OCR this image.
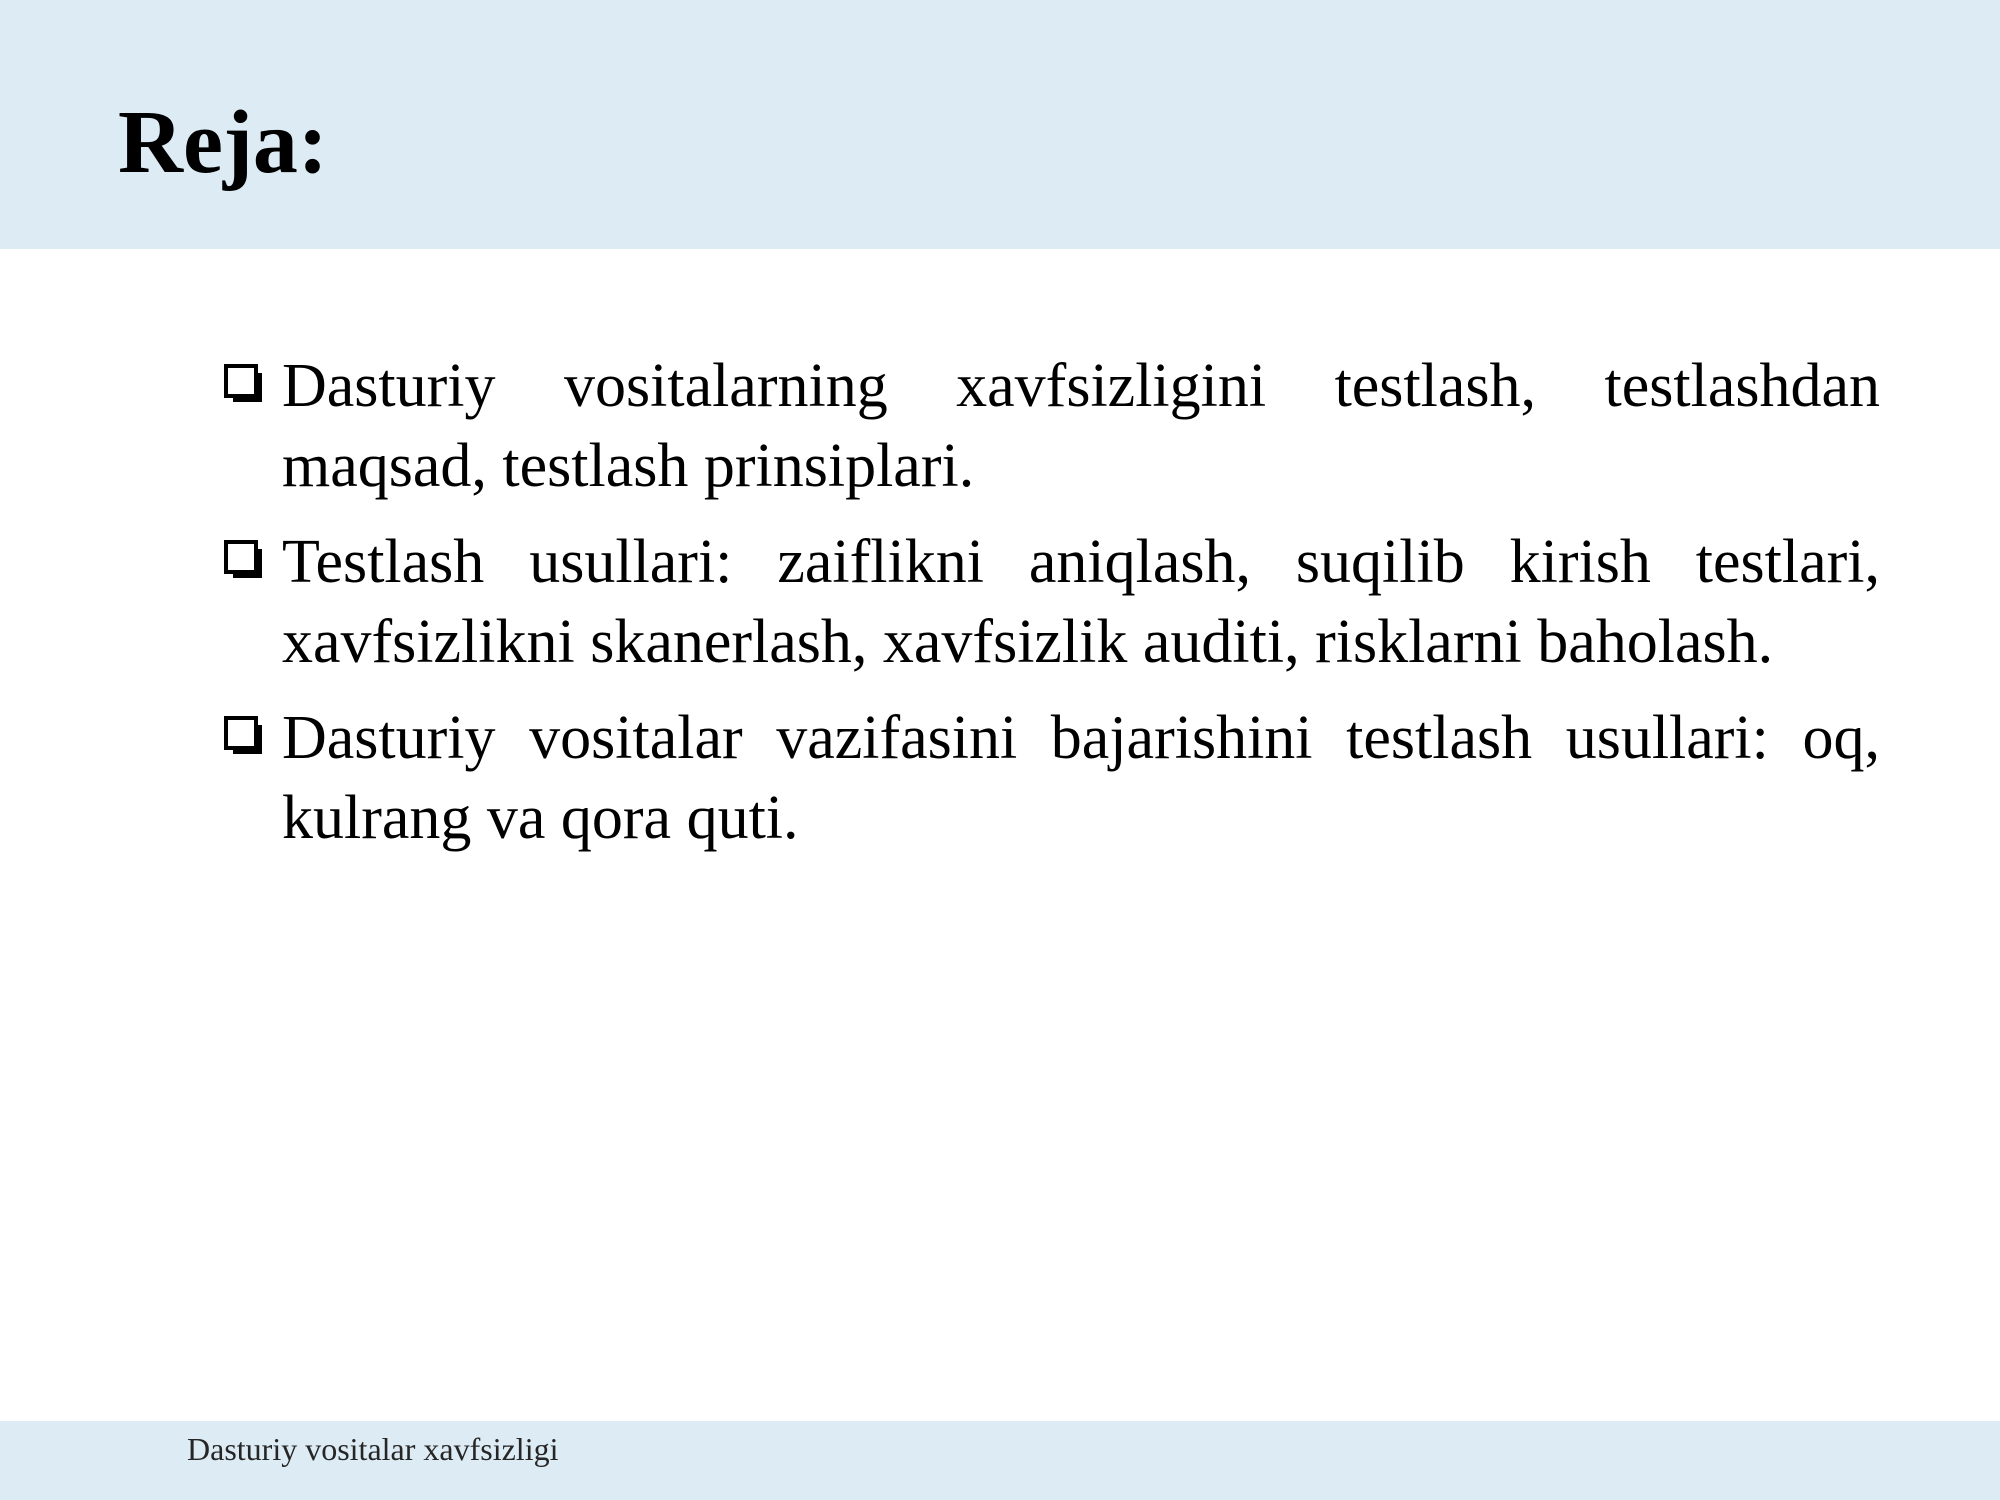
Reja:
Dasturiy vositalarning xavfsizligini testlash, testlashdan maqsad, testlash prinsiplari.
Testlash usullari: zaiflikni aniqlash, suqilib kirish testlari, xavfsizlikni skanerlash, xavfsizlik auditi, risklarni baholash.
Dasturiy vositalar vazifasini bajarishini testlash usullari: oq, kulrang va qora quti.
Dasturiy vositalar xavfsizligi
